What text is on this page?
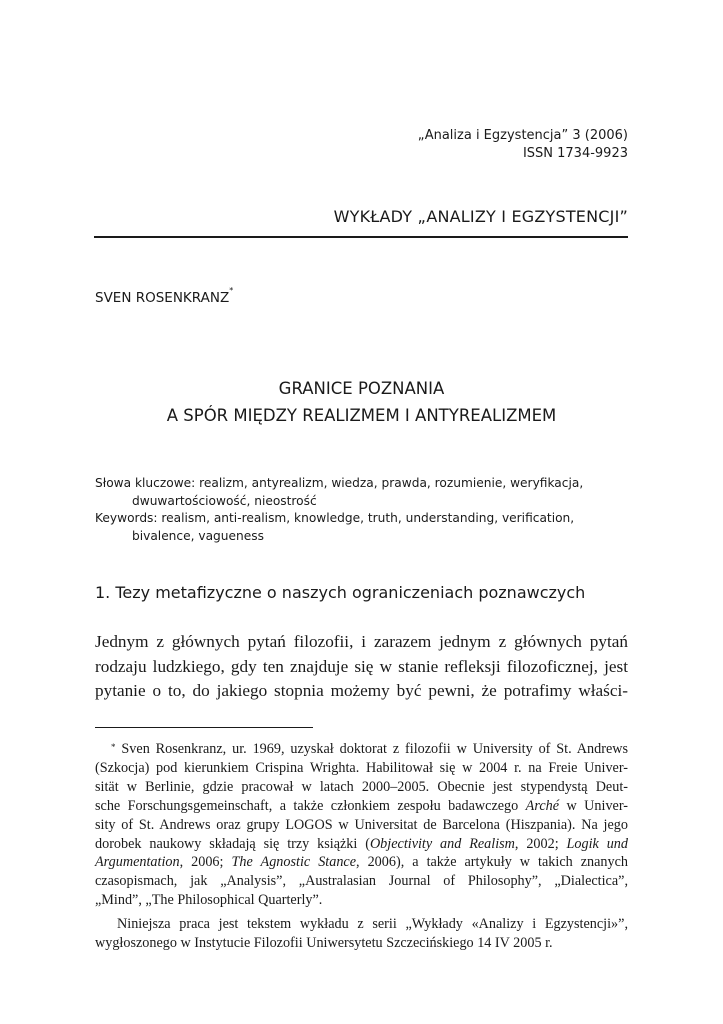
„Analiza i Egzystencja” 3 (2006)
ISSN 1734-9923
WYKŁADY „ANALIZY I EGZYSTENCJI”
SVEN ROSENKRANZ*
GRANICE POZNANIA
A SPÓR MIĘDZY REALIZMEM I ANTYREALIZMEM
Słowa kluczowe: realizm, antyrealizm, wiedza, prawda, rozumienie, weryfikacja,
dwuwartościowość, nieostrość
Keywords: realism, anti-realism, knowledge, truth, understanding, verification,
bivalence, vagueness
1. Tezy metafizyczne o naszych ograniczeniach poznawczych
Jednym z głównych pytań filozofii, i zarazem jednym z głównych pytań
rodzaju ludzkiego, gdy ten znajduje się w stanie refleksji filozoficznej, jest
pytanie o to, do jakiego stopnia możemy być pewni, że potrafimy właści-
* Sven Rosenkranz, ur. 1969, uzyskał doktorat z filozofii w University of St. Andrews
(Szkocja) pod kierunkiem Crispina Wrighta. Habilitował się w 2004 r. na Freie Univer-
sität w Berlinie, gdzie pracował w latach 2000–2005. Obecnie jest stypendystą Deut-
sche Forschungsgemeinschaft, a także członkiem zespołu badawczego Arché w Univer-
sity of St. Andrews oraz grupy LOGOS w Universitat de Barcelona (Hiszpania). Na jego
dorobek naukowy składają się trzy książki (Objectivity and Realism, 2002; Logik und
Argumentation, 2006; The Agnostic Stance, 2006), a także artykuły w takich znanych
czasopismach, jak „Analysis”, „Australasian Journal of Philosophy”, „Dialectica”,
„Mind”, „The Philosophical Quarterly”.
Niniejsza praca jest tekstem wykładu z serii „Wykłady «Analizy i Egzystencji»”,
wygłoszonego w Instytucie Filozofii Uniwersytetu Szczecińskiego 14 IV 2005 r.
